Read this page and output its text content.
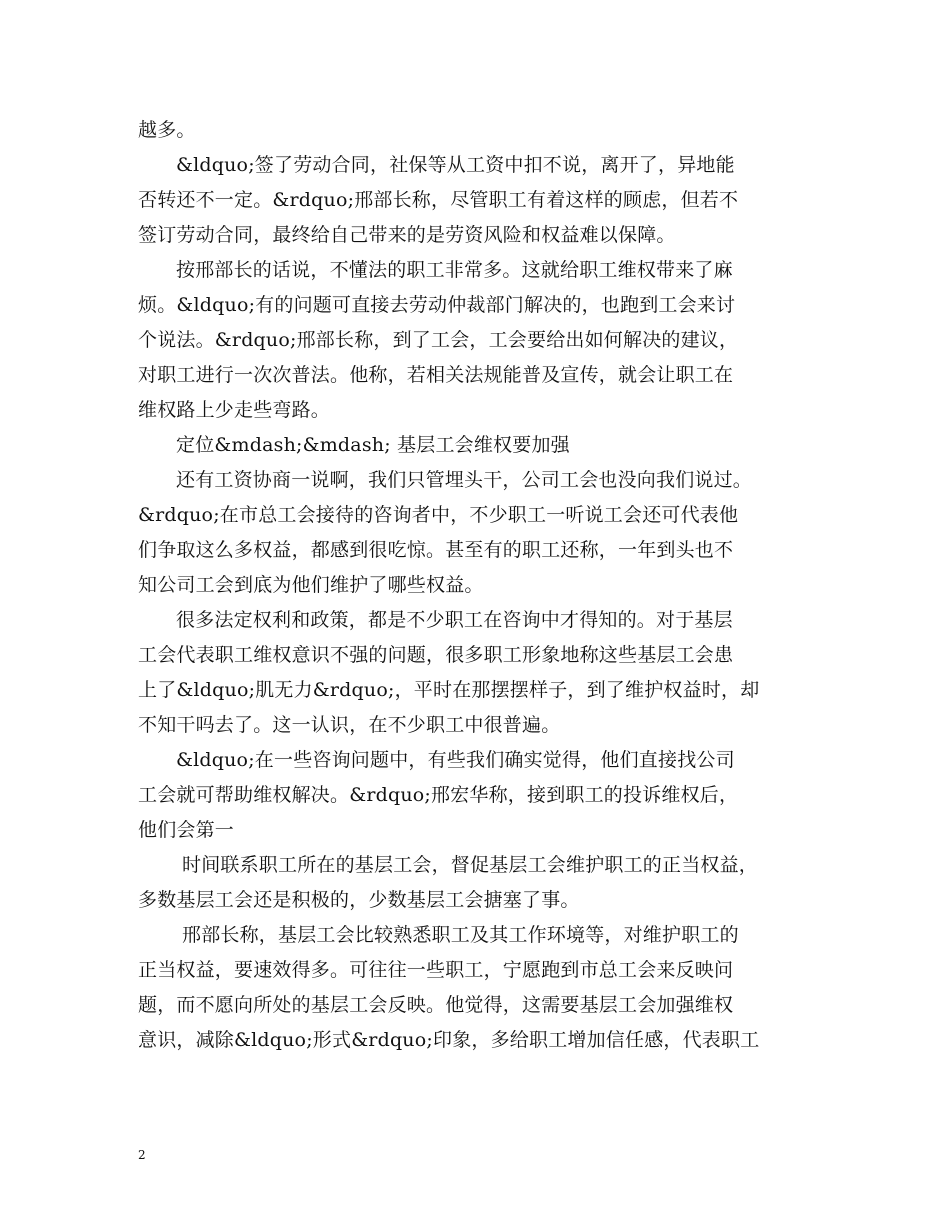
越多。
&ldquo;签了劳动合同，社保等从工资中扣不说，离开了，异地能
否转还不一定。&rdquo;邢部长称，尽管职工有着这样的顾虑，但若不
签订劳动合同，最终给自己带来的是劳资风险和权益难以保障。
按邢部长的话说，不懂法的职工非常多。这就给职工维权带来了麻
烦。&ldquo;有的问题可直接去劳动仲裁部门解决的，也跑到工会来讨
个说法。&rdquo;邢部长称，到了工会，工会要给出如何解决的建议，
对职工进行一次次普法。他称，若相关法规能普及宣传，就会让职工在
维权路上少走些弯路。
定位&mdash;&mdash; 基层工会维权要加强
还有工资协商一说啊，我们只管埋头干，公司工会也没向我们说过。
&rdquo;在市总工会接待的咨询者中，不少职工一听说工会还可代表他
们争取这么多权益，都感到很吃惊。甚至有的职工还称，一年到头也不
知公司工会到底为他们维护了哪些权益。
很多法定权利和政策，都是不少职工在咨询中才得知的。对于基层
工会代表职工维权意识不强的问题，很多职工形象地称这些基层工会患
上了&ldquo;肌无力&rdquo;，平时在那摆摆样子，到了维护权益时，却
不知干吗去了。这一认识，在不少职工中很普遍。
&ldquo;在一些咨询问题中，有些我们确实觉得，他们直接找公司
工会就可帮助维权解决。&rdquo;邢宏华称，接到职工的投诉维权后，
他们会第一
时间联系职工所在的基层工会，督促基层工会维护职工的正当权益，
多数基层工会还是积极的，少数基层工会搪塞了事。
邢部长称，基层工会比较熟悉职工及其工作环境等，对维护职工的
正当权益，要速效得多。可往往一些职工，宁愿跑到市总工会来反映问
题，而不愿向所处的基层工会反映。他觉得，这需要基层工会加强维权
意识，减除&ldquo;形式&rdquo;印象，多给职工增加信任感，代表职工
2
